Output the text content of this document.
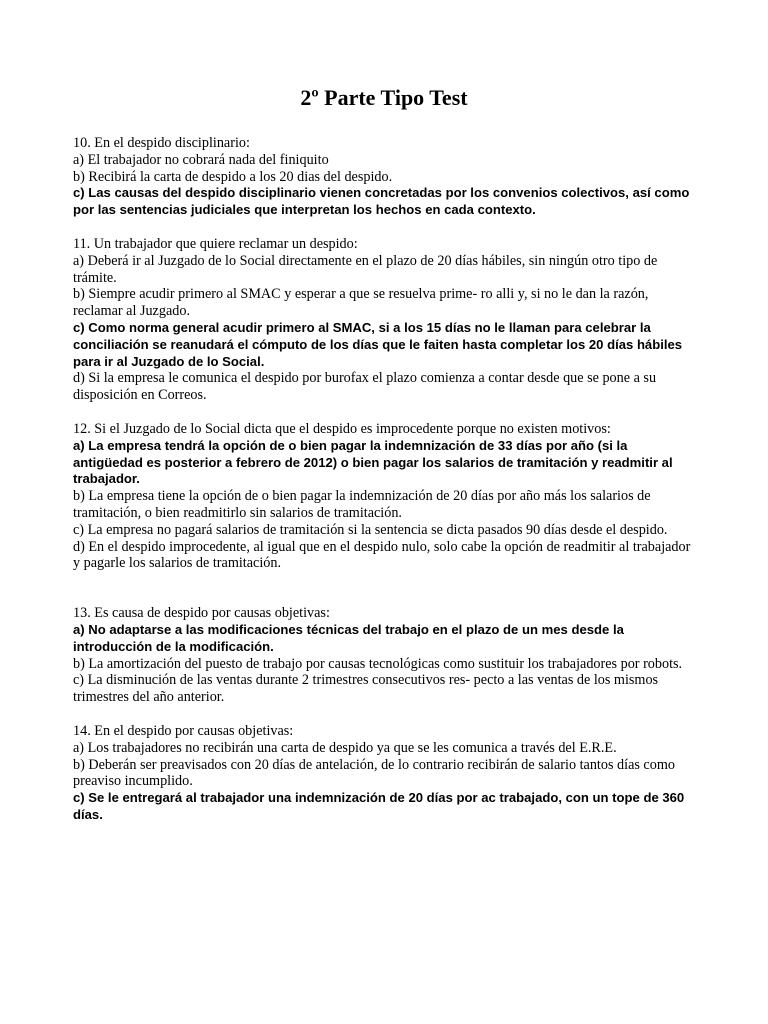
2º Parte Tipo Test
10. En el despido disciplinario:
a) El trabajador no cobrará nada del finiquito
b) Recibirá la carta de despido a los 20 dias del despido.
c) Las causas del despido disciplinario vienen concretadas por los convenios colectivos, así como por las sentencias judiciales que interpretan los hechos en cada contexto.
11. Un trabajador que quiere reclamar un despido:
a) Deberá ir al Juzgado de lo Social directamente en el plazo de 20 días hábiles, sin ningún otro tipo de trámite.
b) Siempre acudir primero al SMAC y esperar a que se resuelva prime- ro alli y, si no le dan la razón, reclamar al Juzgado.
c) Como norma general acudir primero al SMAC, si a los 15 días no le llaman para celebrar la conciliación se reanudará el cómputo de los días que le faiten hasta completar los 20 días hábiles para ir al Juzgado de lo Social.
d) Si la empresa le comunica el despido por burofax el plazo comienza a contar desde que se pone a su disposición en Correos.
12. Si el Juzgado de lo Social dicta que el despido es improcedente porque no existen motivos:
a) La empresa tendrá la opción de o bien pagar la indemnización de 33 días por año (si la antigüedad es posterior a febrero de 2012) o bien pagar los salarios de tramitación y readmitir al trabajador.
b) La empresa tiene la opción de o bien pagar la indemnización de 20 días por año más los salarios de tramitación, o bien readmitirlo sin salarios de tramitación.
c) La empresa no pagará salarios de tramitación si la sentencia se dicta pasados 90 días desde el despido.
d) En el despido improcedente, al igual que en el despido nulo, solo cabe la opción de readmitir al trabajador y pagarle los salarios de tramitación.
13. Es causa de despido por causas objetivas:
a) No adaptarse a las modificaciones técnicas del trabajo en el plazo de un mes desde la introducción de la modificación.
b) La amortización del puesto de trabajo por causas tecnológicas como sustituir los trabajadores por robots.
c) La disminución de las ventas durante 2 trimestres consecutivos res- pecto a las ventas de los mismos trimestres del año anterior.
14. En el despido por causas objetivas:
a) Los trabajadores no recibirán una carta de despido ya que se les comunica a través del E.R.E.
b) Deberán ser preavisados con 20 días de antelación, de lo contrario recibirán de salario tantos días como preaviso incumplido.
c) Se le entregará al trabajador una indemnización de 20 días por ac trabajado, con un tope de 360 días.
